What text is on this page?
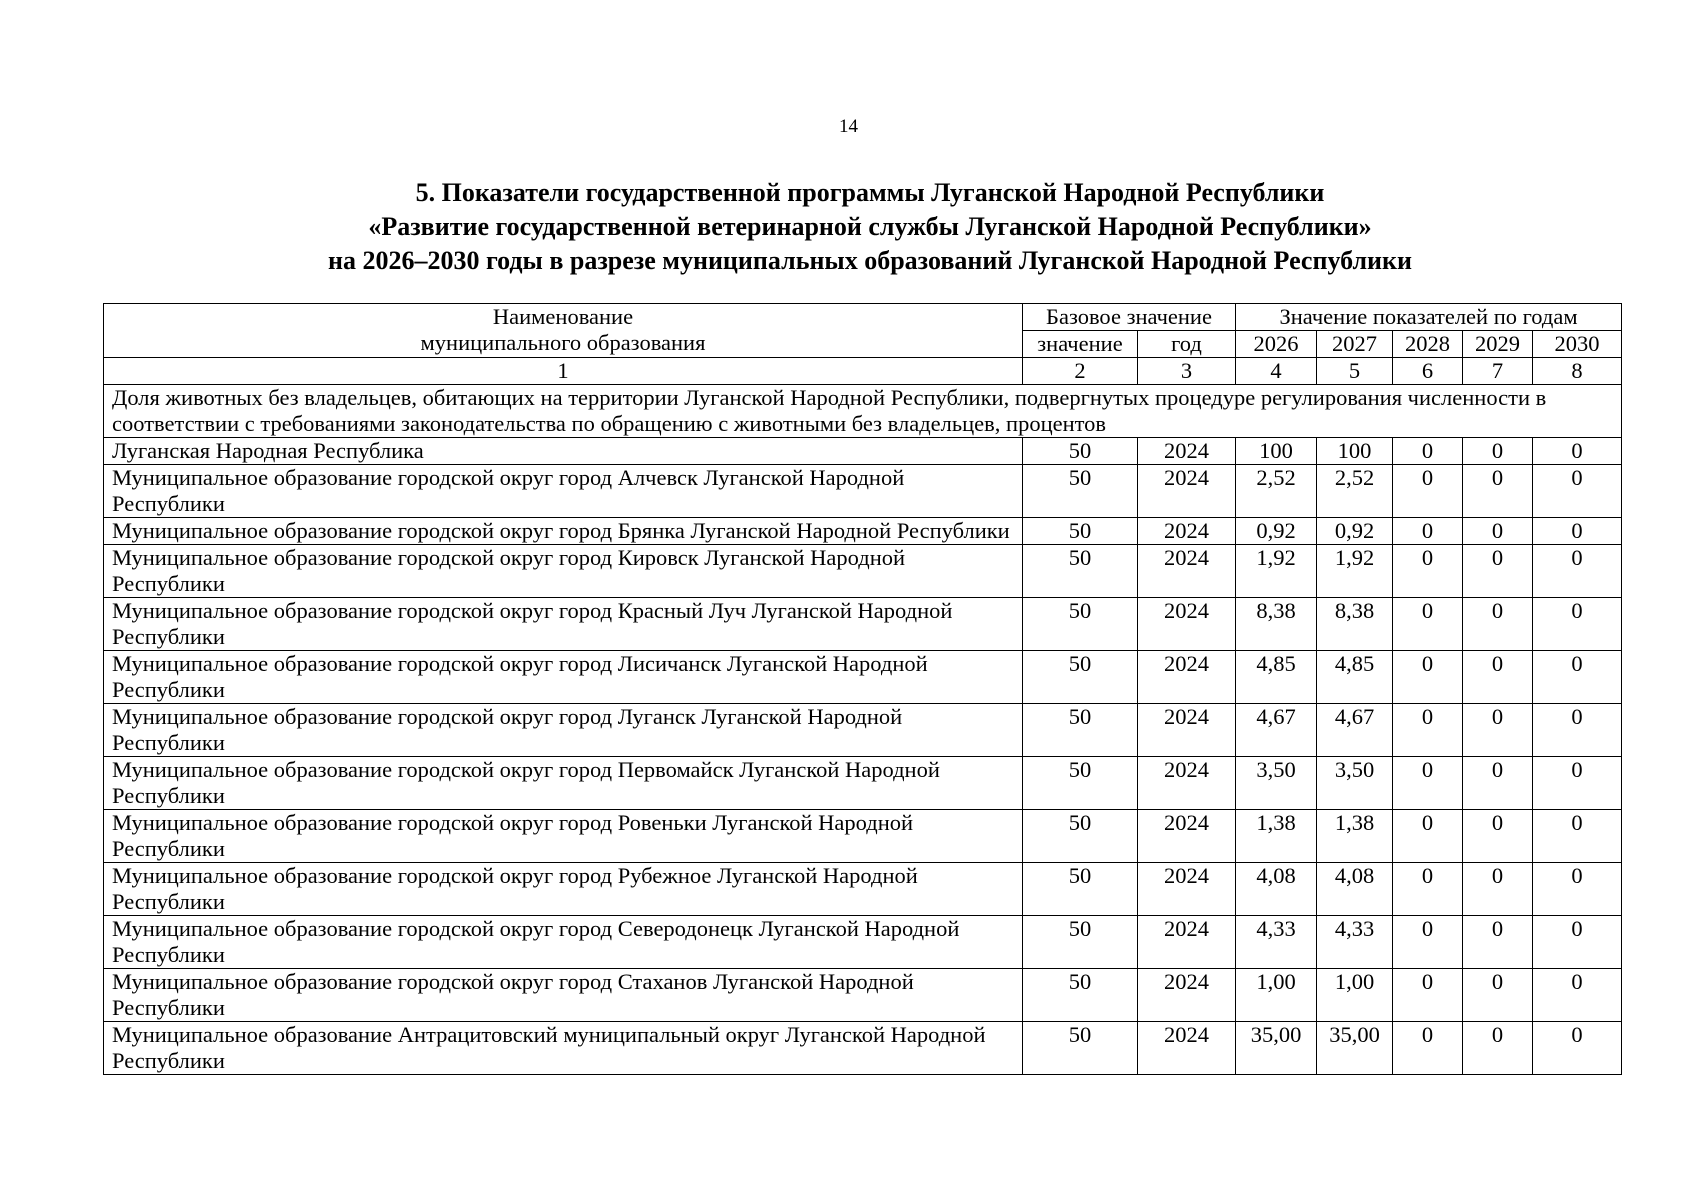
14
5. Показатели государственной программы Луганской Народной Республики
«Развитие государственной ветеринарной службы Луганской Народной Республики»
на 2026–2030 годы в разрезе муниципальных образований Луганской Народной Республики
Наименование
муниципального образования	Базовое значение		Значение показателей по годам				
	значение	год	2026	2027	2028	2029	2030
1	2	3	4	5	6	7	8
Доля животных без владельцев, обитающих на территории Луганской Народной Республики, подвергнутых процедуре регулирования численности в соответствии с требованиями законодательства по обращению с животными без владельцев, процентов							
Луганская Народная Республика	50	2024	100	100	0	0	0
Муниципальное образование городской округ город Алчевск Луганской Народной Республики	50	2024	2,52	2,52	0	0	0
Муниципальное образование городской округ город Брянка Луганской Народной Республики	50	2024	0,92	0,92	0	0	0
Муниципальное образование городской округ город Кировск Луганской Народной Республики	50	2024	1,92	1,92	0	0	0
Муниципальное образование городской округ город Красный Луч Луганской Народной Республики	50	2024	8,38	8,38	0	0	0
Муниципальное образование городской округ город Лисичанск Луганской Народной Республики	50	2024	4,85	4,85	0	0	0
Муниципальное образование городской округ город Луганск Луганской Народной Республики	50	2024	4,67	4,67	0	0	0
Муниципальное образование городской округ город Первомайск Луганской Народной Республики	50	2024	3,50	3,50	0	0	0
Муниципальное образование городской округ город Ровеньки Луганской Народной Республики	50	2024	1,38	1,38	0	0	0
Муниципальное образование городской округ город Рубежное Луганской Народной Республики	50	2024	4,08	4,08	0	0	0
Муниципальное образование городской округ город Северодонецк Луганской Народной Республики	50	2024	4,33	4,33	0	0	0
Муниципальное образование городской округ город Стаханов Луганской Народной Республики	50	2024	1,00	1,00	0	0	0
Муниципальное образование Антрацитовский муниципальный округ Луганской Народной Республики	50	2024	35,00	35,00	0	0	0
